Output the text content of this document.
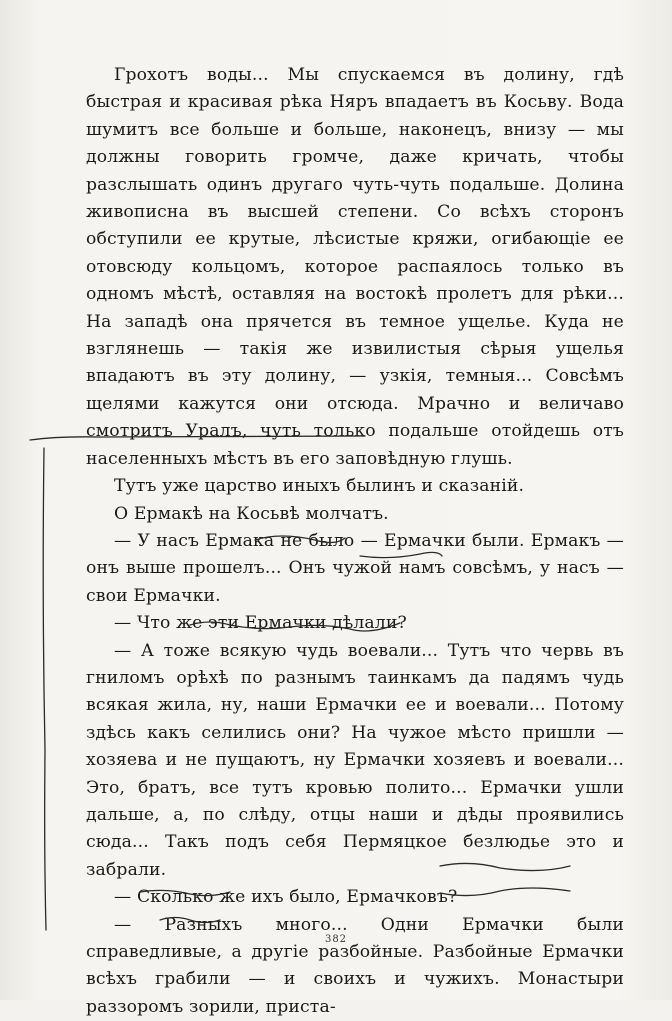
Грохотъ воды... Мы спускаемся въ долину, гдѣ быстрая и красивая рѣка Няръ впадаетъ въ Косьву. Вода шумитъ все больше и больше, наконецъ, внизу — мы должны говорить громче, даже кричать, чтобы разслышать одинъ другаго чуть-чуть подальше. Долина живописна въ высшей степени. Со всѣхъ сторонъ обступили ее крутые, лѣсистые кряжи, огибающіе ее отовсюду кольцомъ, которое распаялось только въ одномъ мѣстѣ, оставляя на востокѣ пролетъ для рѣки... На западѣ она прячется въ темное ущелье. Куда не взглянешь — такія же извилистыя сѣрыя ущелья впадаютъ въ эту долину, — узкія, темныя... Совсѣмъ щелями кажутся они отсюда. Мрачно и величаво смотритъ Уралъ, чуть только подальше отойдешь отъ населенныхъ мѣстъ въ его заповѣдную глушь.

Тутъ уже царство иныхъ былинъ и сказаній.

О Ермакѣ на Косьвѣ молчатъ.

— У насъ Ермака не было — Ермачки были. Ермакъ — онъ выше прошелъ... Онъ чужой намъ совсѣмъ, у насъ — свои Ермачки.

— Что же эти Ермачки дѣлали?

— А тоже всякую чудь воевали... Тутъ что червь въ гниломъ орѣхѣ по разнымъ таинкамъ да падямъ чудь всякая жила, ну, наши Ермачки ее и воевали... Потому здѣсь какъ селились они? На чужое мѣсто пришли — хозяева и не пущаютъ, ну Ермачки хозяевъ и воевали... Это, братъ, все тутъ кровью полито... Ермачки ушли дальше, а, по слѣду, отцы наши и дѣды проявились сюда... Такъ подъ себя Пермяцкое безлюдье это и забрали.

— Сколько же ихъ было, Ермачковъ?

— Разныхъ много... Одни Ермачки были справедливые, а другіе разбойные. Разбойные Ермачки всѣхъ грабили — и своихъ и чужихъ. Монастыри раззоромъ зорили, приста-

382
